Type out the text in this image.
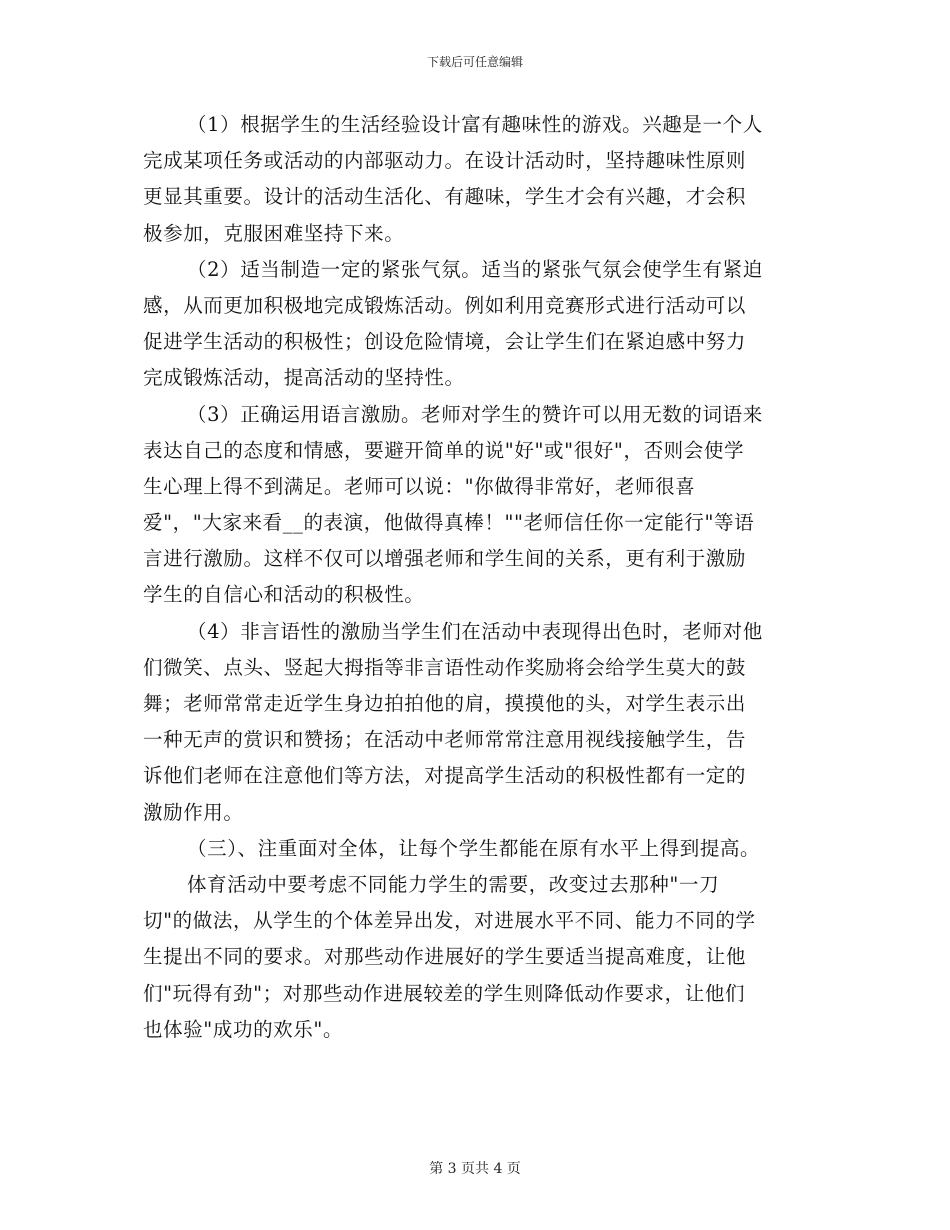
下载后可任意编辑
（1）根据学生的生活经验设计富有趣味性的游戏。兴趣是一个人
完成某项任务或活动的内部驱动力。在设计活动时，坚持趣味性原则
更显其重要。设计的活动生活化、有趣味，学生才会有兴趣，才会积
极参加，克服困难坚持下来。
（2）适当制造一定的紧张气氛。适当的紧张气氛会使学生有紧迫
感，从而更加积极地完成锻炼活动。例如利用竞赛形式进行活动可以
促进学生活动的积极性；创设危险情境，会让学生们在紧迫感中努力
完成锻炼活动，提高活动的坚持性。
（3）正确运用语言激励。老师对学生的赞许可以用无数的词语来
表达自己的态度和情感，要避开简单的说"好"或"很好"，否则会使学
生心理上得不到满足。老师可以说："你做得非常好，老师很喜
爱"，"大家来看__的表演，他做得真棒！""老师信任你一定能行"等语
言进行激励。这样不仅可以增强老师和学生间的关系，更有利于激励
学生的自信心和活动的积极性。
（4）非言语性的激励当学生们在活动中表现得出色时，老师对他
们微笑、点头、竖起大拇指等非言语性动作奖励将会给学生莫大的鼓
舞；老师常常走近学生身边拍拍他的肩，摸摸他的头，对学生表示出
一种无声的赏识和赞扬；在活动中老师常常注意用视线接触学生，告
诉他们老师在注意他们等方法，对提高学生活动的积极性都有一定的
激励作用。
（三）、注重面对全体，让每个学生都能在原有水平上得到提高。
体育活动中要考虑不同能力学生的需要，改变过去那种"一刀
切"的做法，从学生的个体差异出发，对进展水平不同、能力不同的学
生提出不同的要求。对那些动作进展好的学生要适当提高难度，让他
们"玩得有劲"；对那些动作进展较差的学生则降低动作要求，让他们
也体验"成功的欢乐"。
第 3 页共 4 页
